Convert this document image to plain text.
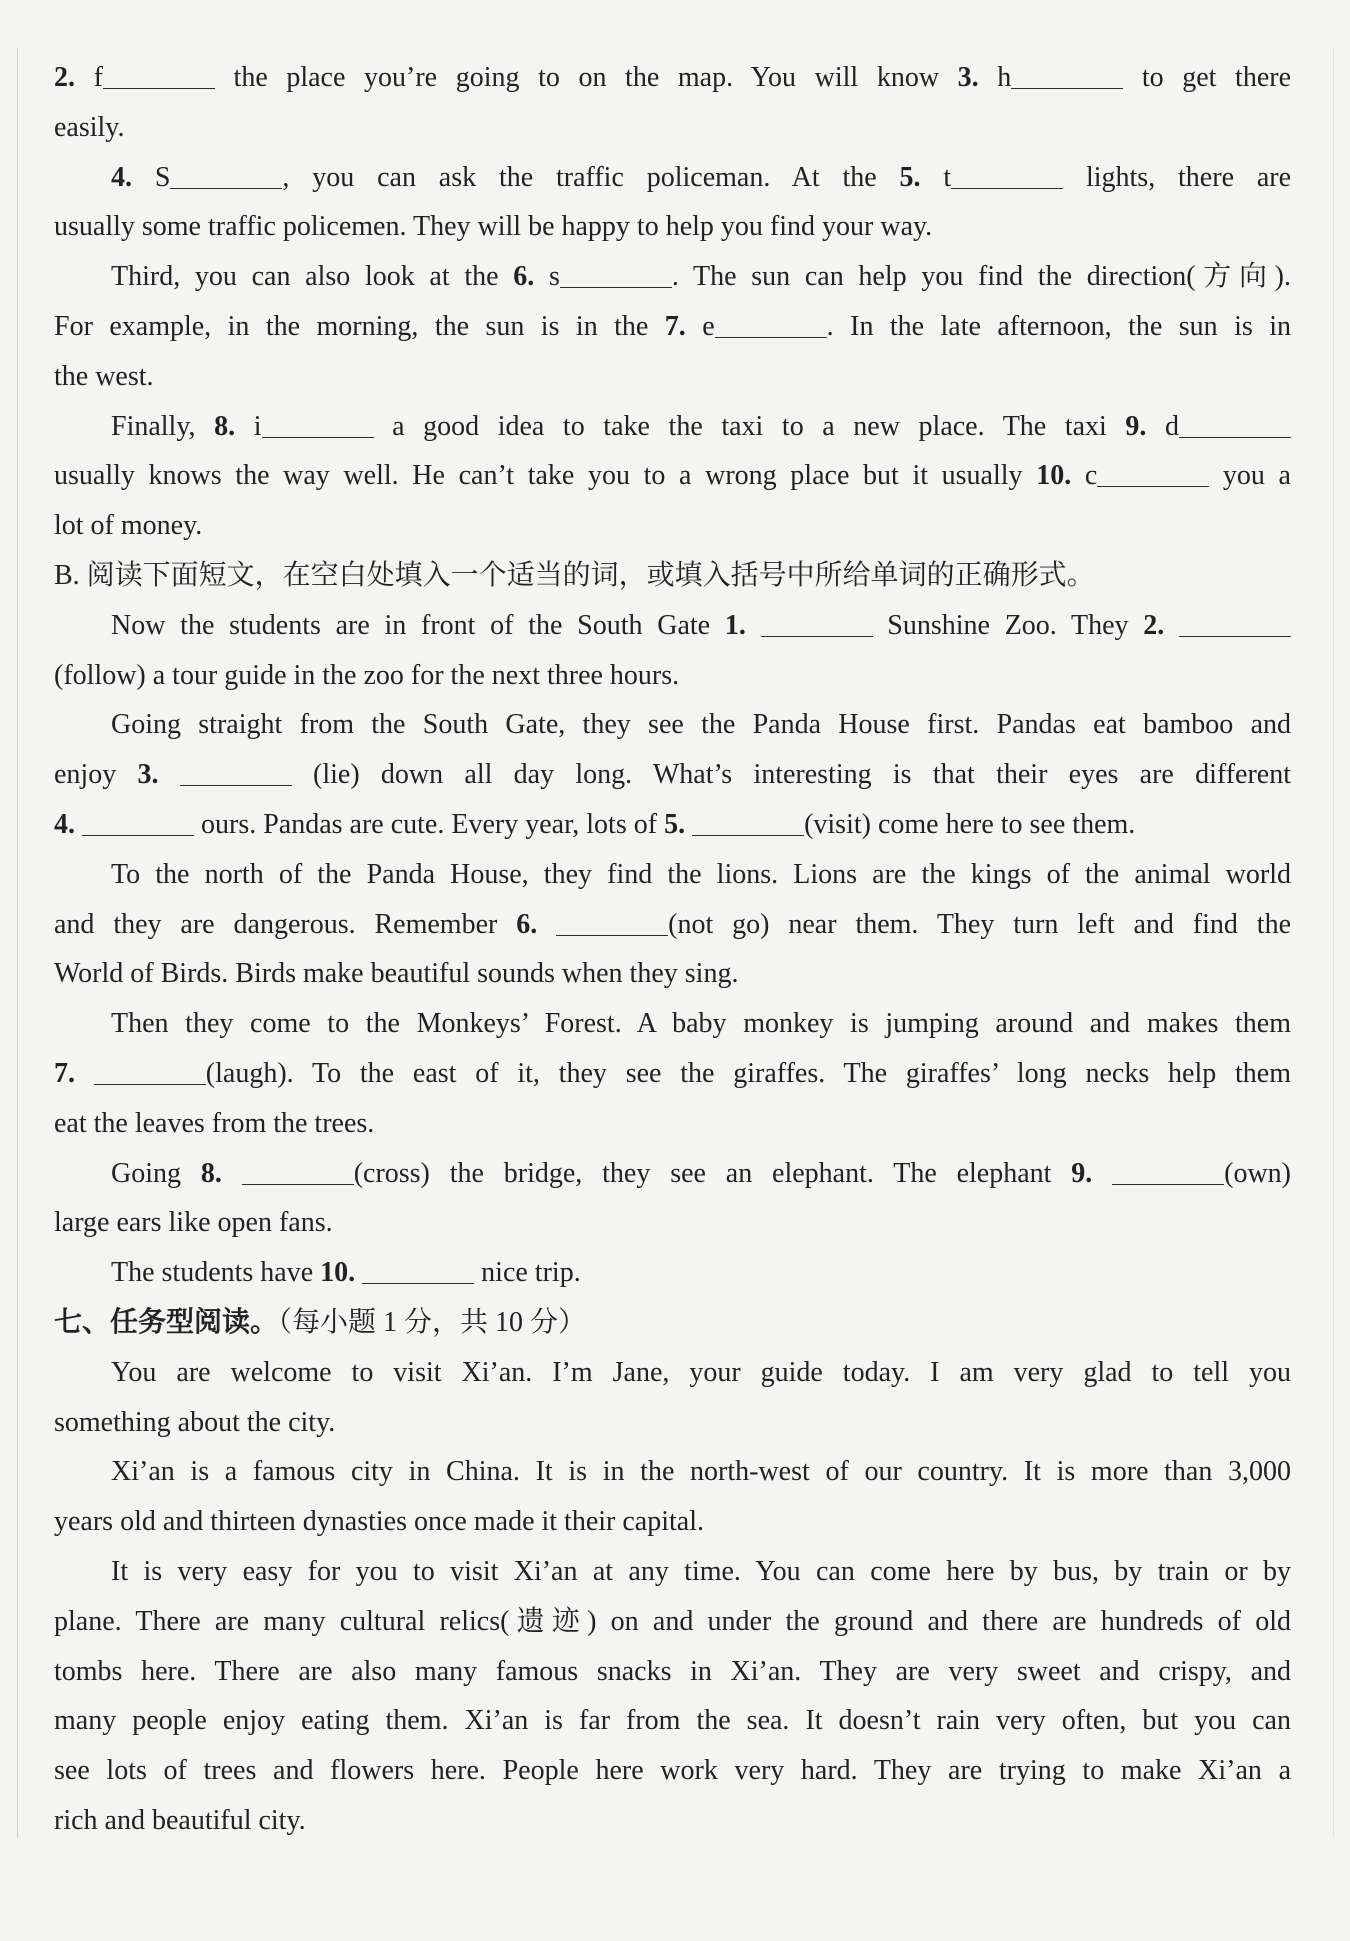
2. f	the place you’re going to on the map. You will know 3. h	to get there
easily.
4. S	, you can ask the traffic policeman. At the 5. t	lights, there are
usually some traffic policemen. They will be happy to help you find your way.
Third, you can also look at the 6. s	. The sun can help you find the direction(方向).
For example, in the morning, the sun is in the 7. e	. In the late afternoon, the sun is in
the west.
Finally, 8. i	a good idea to take the taxi to a new place. The taxi 9. d
usually knows the way well. He can’t take you to a wrong place but it usually 10. c	you a
lot of money.
B. 阅读下面短文，在空白处填入一个适当的词，或填入括号中所给单词的正确形式。
Now the students are in front of the South Gate 1.	Sunshine Zoo. They 2.
(follow) a tour guide in the zoo for the next three hours.
Going straight from the South Gate, they see the Panda House first. Pandas eat bamboo and
enjoy 3.	(lie) down all day long. What’s interesting is that their eyes are different
4.	ours. Pandas are cute. Every year, lots of 5.	(visit) come here to see them.
To the north of the Panda House, they find the lions. Lions are the kings of the animal world
and they are dangerous. Remember 6.	(not go) near them. They turn left and find the
World of Birds. Birds make beautiful sounds when they sing.
Then they come to the Monkeys’ Forest. A baby monkey is jumping around and makes them
7.	(laugh). To the east of it, they see the giraffes. The giraffes’ long necks help them
eat the leaves from the trees.
Going 8.	(cross) the bridge, they see an elephant. The elephant 9.	(own)
large ears like open fans.
The students have 10.	nice trip.
七、任务型阅读。（每小题 1 分，共 10 分）
You are welcome to visit Xi’an. I’m Jane, your guide today. I am very glad to tell you
something about the city.
Xi’an is a famous city in China. It is in the north-west of our country. It is more than 3,000
years old and thirteen dynasties once made it their capital.
It is very easy for you to visit Xi’an at any time. You can come here by bus, by train or by
plane. There are many cultural relics(遗迹) on and under the ground and there are hundreds of old
tombs here. There are also many famous snacks in Xi’an. They are very sweet and crispy, and
many people enjoy eating them. Xi’an is far from the sea. It doesn’t rain very often, but you can
see lots of trees and flowers here. People here work very hard. They are trying to make Xi’an a
rich and beautiful city.
